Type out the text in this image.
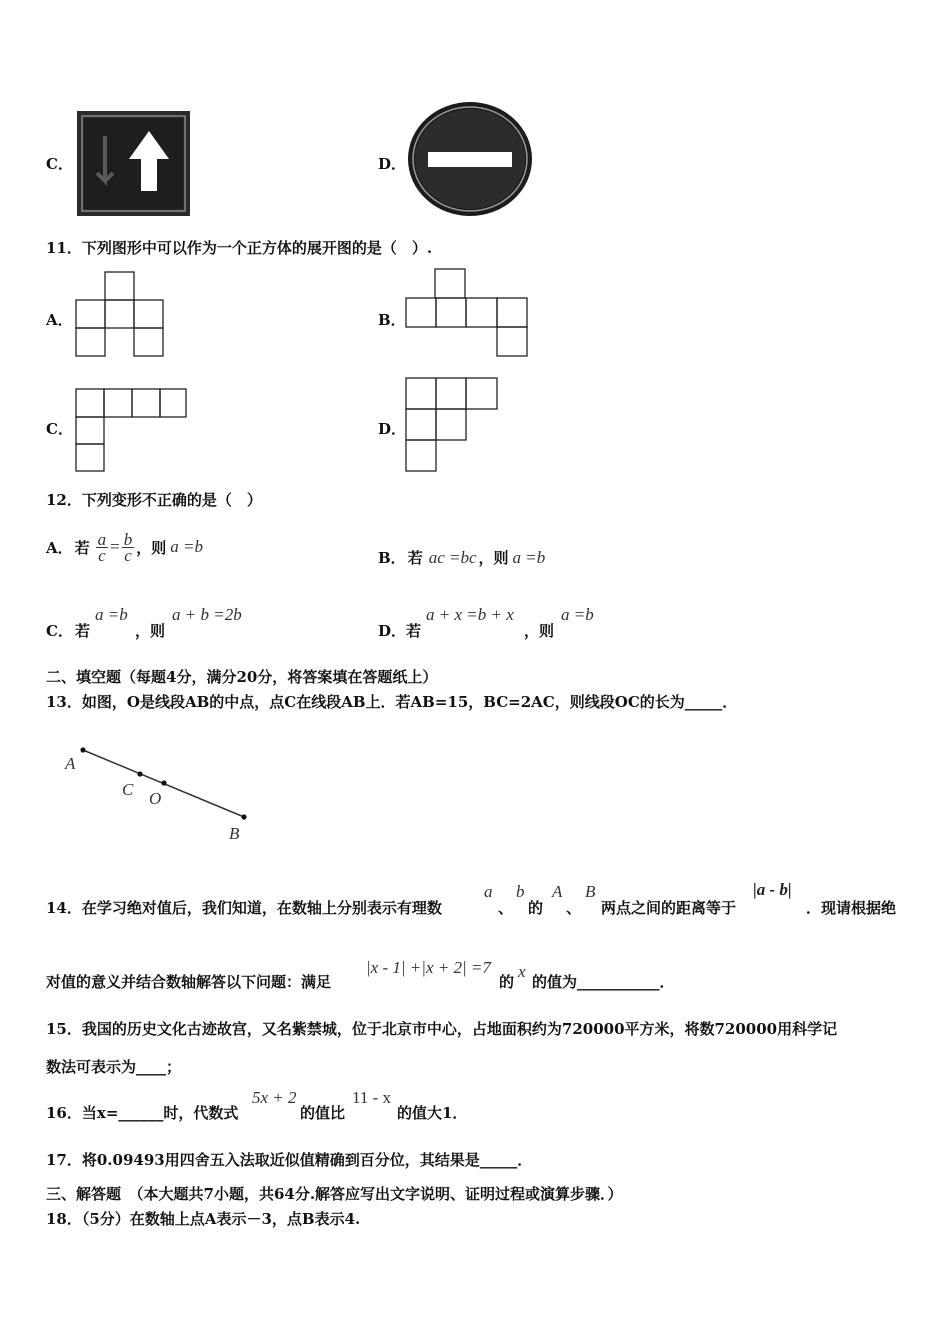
C．	D．
11．下列图形中可以作为一个正方体的展开图的是（　）.
A．	B．
C．	D．
12．下列变形不正确的是（　）
A． 若 $\frac{a}{c} = \frac{b}{c}$ ，则 a =b
B． 若 ac =bc ，则 a =b
C． 若
a =b
，则
a + b =2b
D． 若
a + x =b + x
，则
a =b
二、填空题（每题4分，满分20分，将答案填在答题纸上）
13．如图，O是线段AB的中点，点C在线段AB上．若AB=15，BC=2AC，则线段OC的长为_____．
A
C O
B
14．在学习绝对值后，我们知道，在数轴上分别表示有理数
a
、
b
的
A
、
B
两点之间的距离等于
|a - b|
．现请根据绝
对值的意义并结合数轴解答以下问题：满足
|x - 1| +|x + 2| =7
的
x
的值为___________．
15．我国的历史文化古迹故宫，又名紫禁城，位于北京市中心，占地面积约为720000平方米，将数720000用科学记
数法可表示为____；
16．当x=______时，代数式
5x + 2
的值比
11 - x
的值大1．
17．将0.09493用四舍五入法取近似值精确到百分位，其结果是_____．
三、解答题　（本大题共7小题，共64分.解答应写出文字说明、证明过程或演算步骤．）
18．（5分）在数轴上点A表示－3，点B表示4.
